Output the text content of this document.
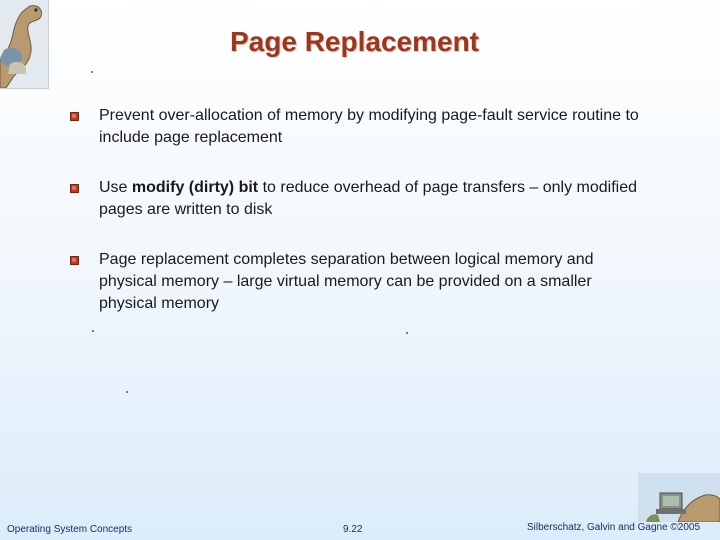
Page Replacement
Prevent over-allocation of memory by modifying page-fault service routine to include page replacement
Use modify (dirty) bit to reduce overhead of page transfers – only modified pages are written to disk
Page replacement completes separation between logical memory and physical memory – large virtual memory can be provided on a smaller physical memory
Operating System Concepts	9.22	Silberschatz, Galvin and Gagne ©2005
